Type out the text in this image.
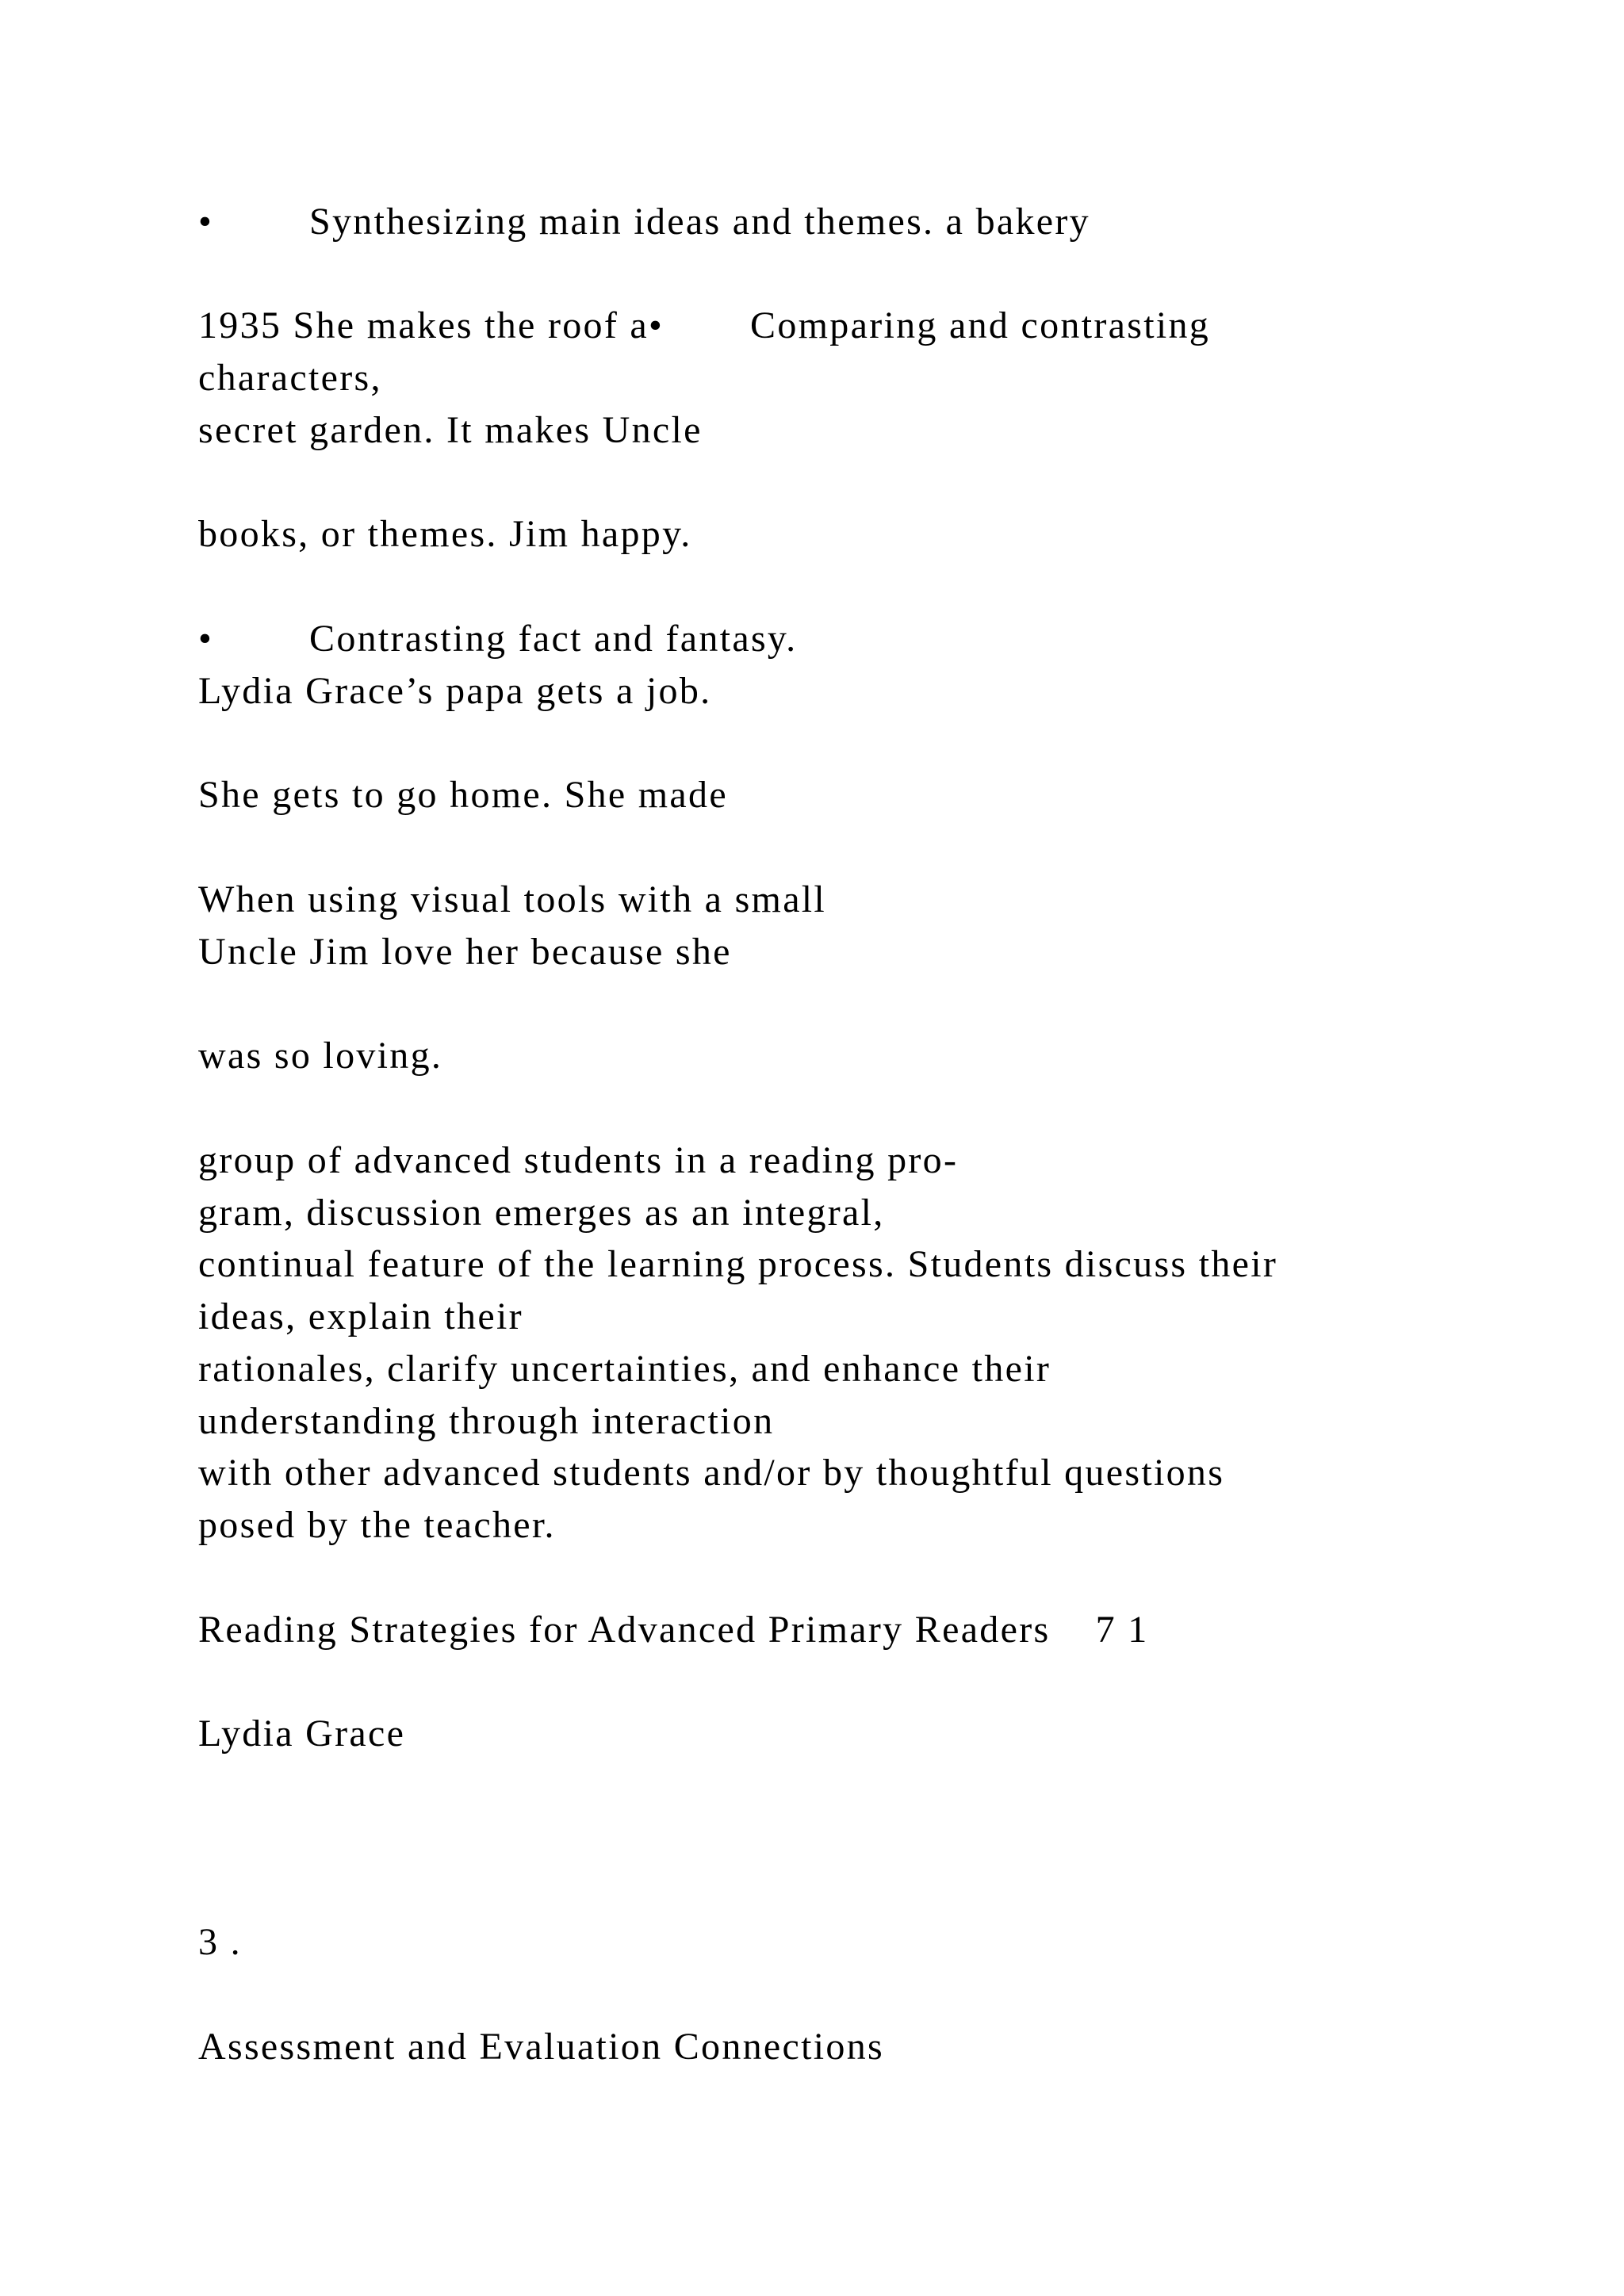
•	Synthesizing main ideas and themes. a bakery
1935 She makes the roof a• Comparing and contrasting
characters,
secret garden. It makes Uncle
books, or themes. Jim happy.
•	Contrasting fact and fantasy.
Lydia Grace’s papa gets a job.
She gets to go home. She made
When using visual tools with a small
Uncle Jim love her because she
was so loving.
group of advanced students in a reading pro-
gram, discussion emerges as an integral,
continual feature of the learning process. Students discuss their
ideas, explain their
rationales, clarify uncertainties, and enhance their
understanding through interaction
with other advanced students and/or by thoughtful questions
posed by the teacher.
Reading Strategies for Advanced Primary Readers    7 1
Lydia Grace
3 .
Assessment and Evaluation Connections
